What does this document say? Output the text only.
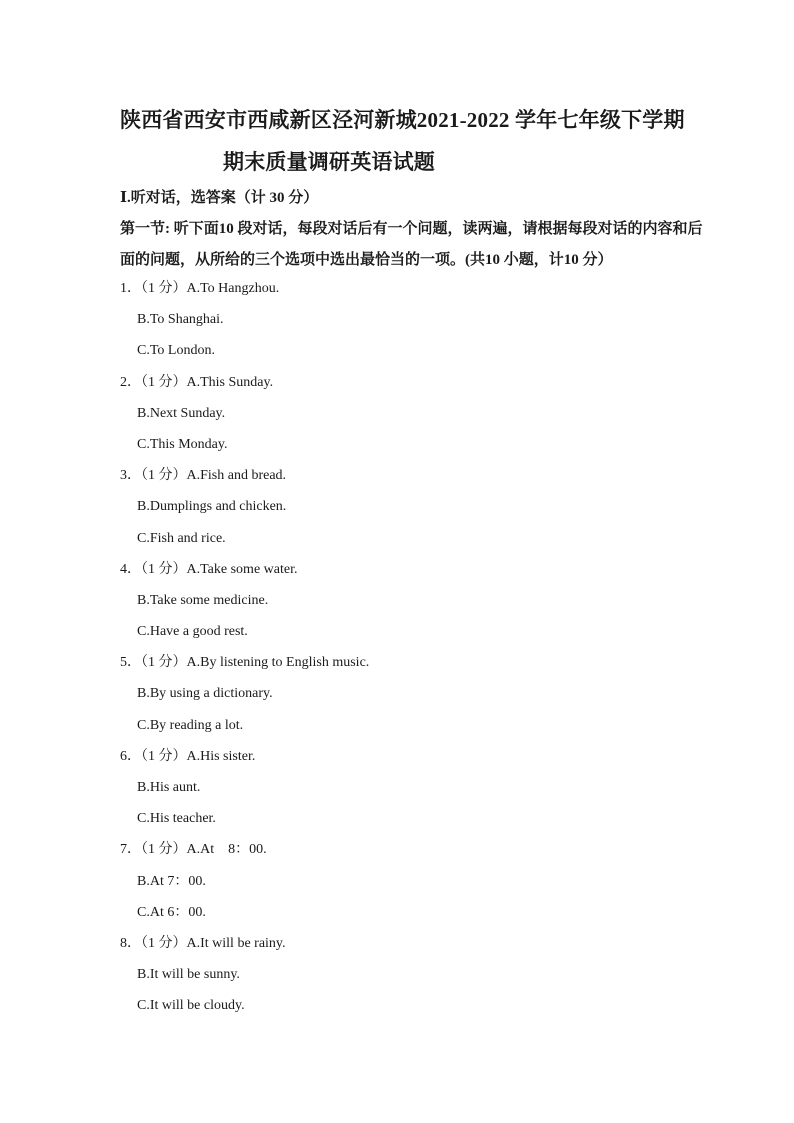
陕西省西安市西咸新区泾河新城2021-2022 学年七年级下学期
期末质量调研英语试题
Ⅰ.听对话，选答案（计 30 分）
第一节: 听下面10 段对话，每段对话后有一个问题，读两遍，请根据每段对话的内容和后
面的问题，从所给的三个选项中选出最恰当的一项。(共10 小题，计10 分）
1．（1 分）A.To Hangzhou.
B.To Shanghai.
C.To London.
2．（1 分）A.This Sunday.
B.Next Sunday.
C.This Monday.
3．（1 分）A.Fish and bread.
B.Dumplings and chicken.
C.Fish and rice.
4．（1 分）A.Take some water.
B.Take some medicine.
C.Have a good rest.
5．（1 分）A.By listening to English music.
B.By using a dictionary.
C.By reading a lot.
6．（1 分）A.His sister.
B.His aunt.
C.His teacher.
7．（1 分）A.At    8：00.
B.At 7：00.
C.At 6：00.
8．（1 分）A.It will be rainy.
B.It will be sunny.
C.It will be cloudy.
